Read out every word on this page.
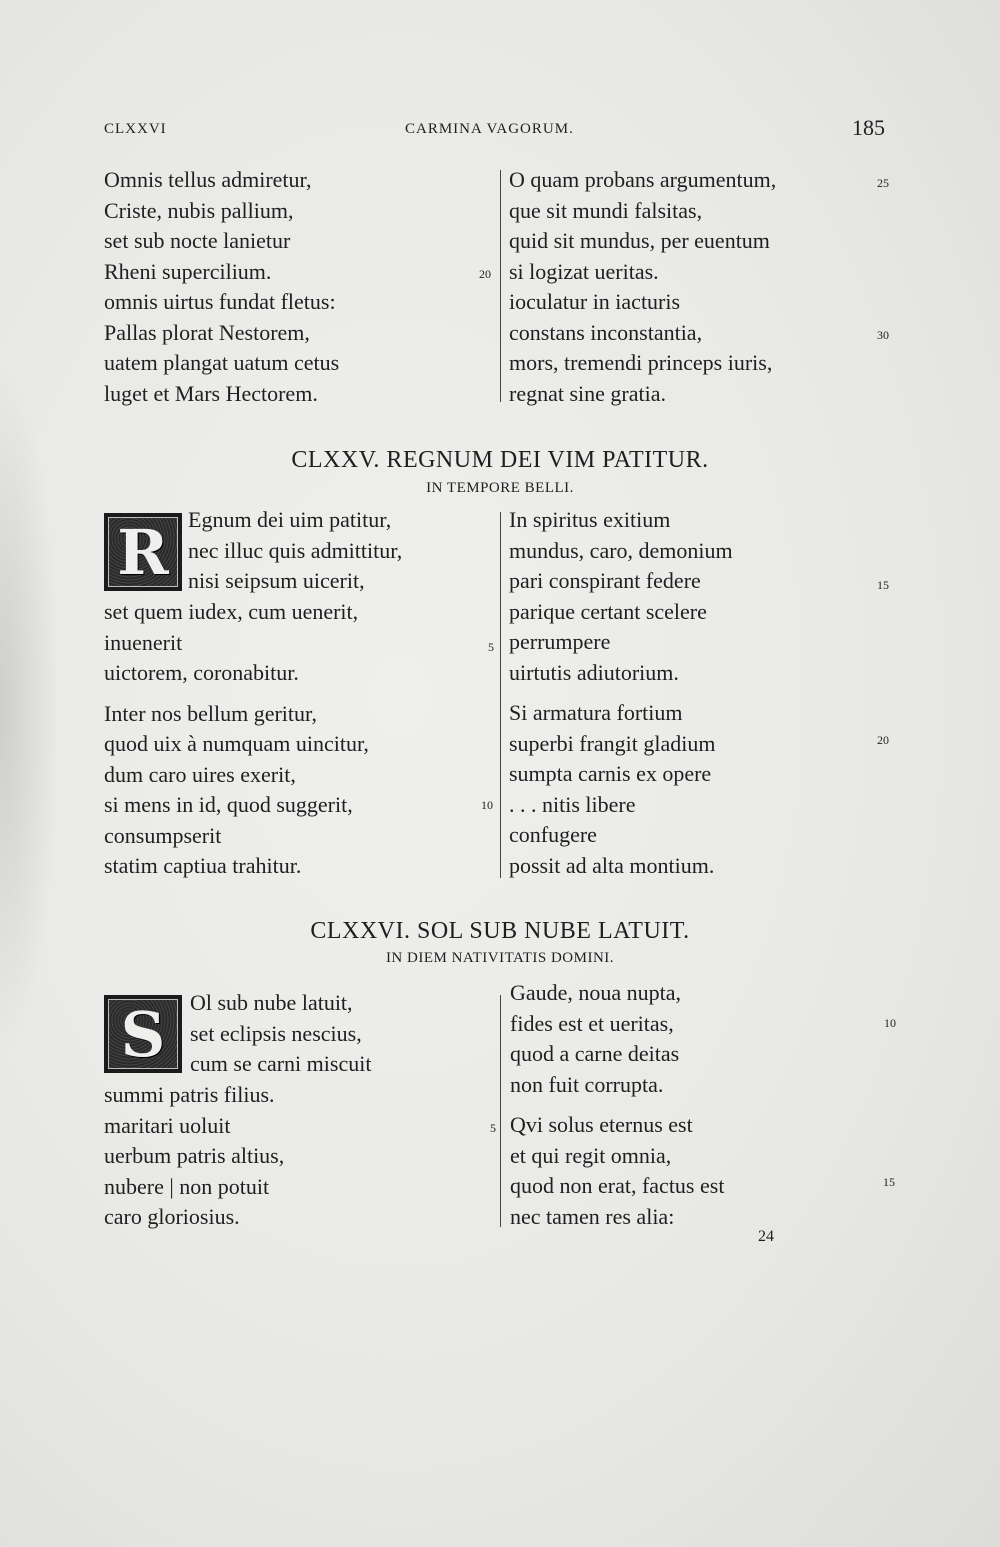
CLXXVI	CARMINA VAGORUM.	185
Omnis tellus admiretur,
Criste, nubis pallium,
set sub nocte lanietur
Rheni supercilium.
omnis uirtus fundat fletus:
Pallas plorat Nestorem,
uatem plangat uatum cetus
luget et Mars Hectorem.
20
O quam probans argumentum,
que sit mundi falsitas,
quid sit mundus, per euentum
si logizat ueritas.
ioculatur in iacturis
constans inconstantia,
mors, tremendi princeps iuris,
regnat sine gratia.
25
30
CLXXV. REGNUM DEI VIM PATITUR.
IN TEMPORE BELLI.
R Egnum dei uim patitur,
nec illuc quis admittitur,
nisi seipsum uicerit,
set quem iudex, cum uenerit,
inuenerit
uictorem, coronabitur.
Inter nos bellum geritur,
quod uix à numquam uincitur,
dum caro uires exerit,
si mens in id, quod suggerit,
consumpserit
statim captiua trahitur.
5
10
In spiritus exitium
mundus, caro, demonium
pari conspirant federe
parique certant scelere
perrumpere
uirtutis adiutorium.
Si armatura fortium
superbi frangit gladium
sumpta carnis ex opere
. . . nitis libere
confugere
possit ad alta montium.
15
20
CLXXVI. SOL SUB NUBE LATUIT.
IN DIEM NATIVITATIS DOMINI.
S Ol sub nube latuit,
set eclipsis nescius,
cum se carni miscuit
summi patris filius.
maritari uoluit
uerbum patris altius,
nubere | non potuit
caro gloriosius.
5
Gaude, noua nupta,
fides est et ueritas,
quod a carne deitas
non fuit corrupta.
Qvi solus eternus est
et qui regit omnia,
quod non erat, factus est
nec tamen res alia:
10
15
24
